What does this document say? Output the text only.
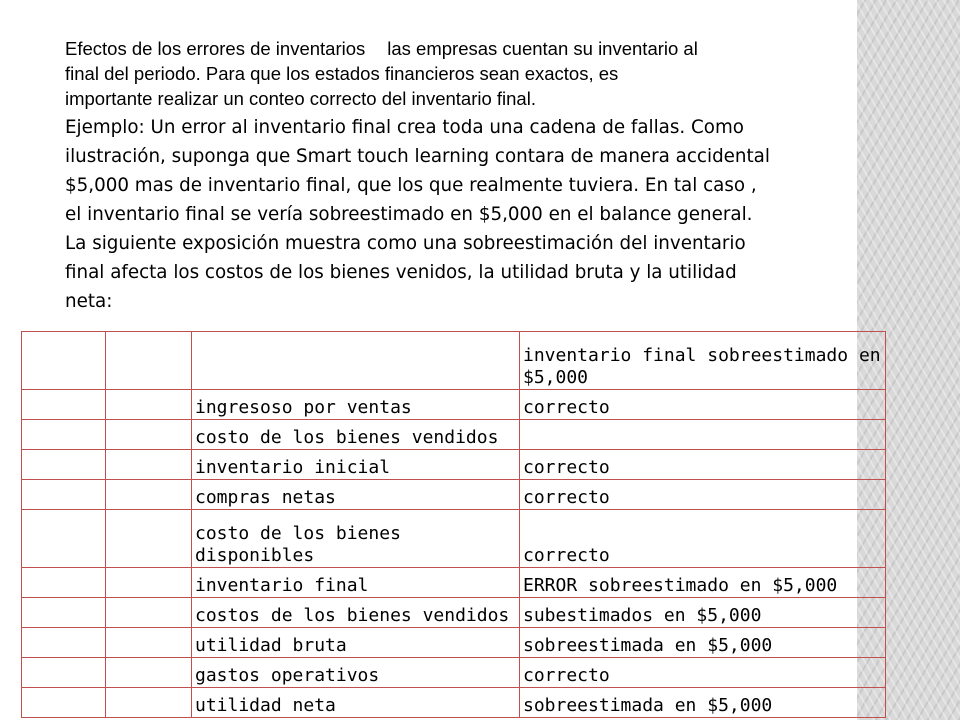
Efectos de los errores de inventarios las empresas cuentan su inventario al

final del periodo. Para que los estados financieros sean exactos, es

importante realizar un conteo correcto del inventario final.

Ejemplo: Un error al inventario final crea toda una cadena de fallas. Como

ilustración, suponga que Smart touch learning contara de manera accidental

$5,000 mas de inventario final, que los que realmente tuviera. En tal caso ,

el inventario final se vería sobreestimado en $5,000 en el balance general.

La siguiente exposición muestra como una sobreestimación del inventario

final afecta los costos de los bienes venidos, la utilidad bruta y la utilidad

neta:

			inventario final sobreestimado en $5,000
		ingresoso por ventas	correcto
		costo de los bienes vendidos	
		inventario inicial	correcto
		compras netas	correcto
		costo de los bienes disponibles	correcto
		inventario final	ERROR sobreestimado en $5,000
		costos de los bienes vendidos	subestimados en $5,000
		utilidad bruta	sobreestimada en $5,000
		gastos operativos	correcto
		utilidad neta	sobreestimada en $5,000
